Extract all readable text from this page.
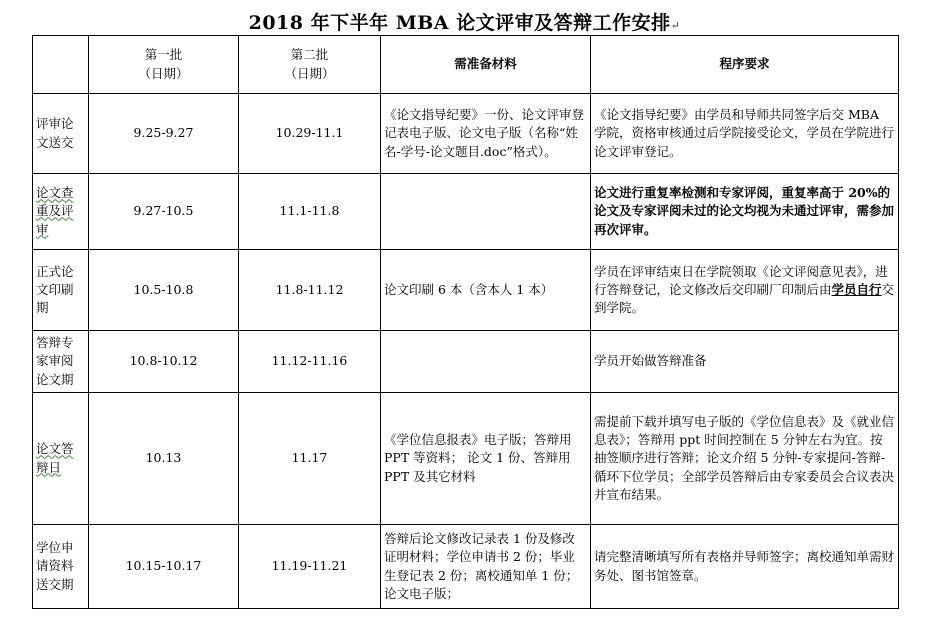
2018 年下半年 MBA 论文评审及答辩工作安排↵
	第一批
（日期）	第二批
（日期）	需准备材料	程序要求
评审论文送交	9.25-9.27	10.29-11.1	《论文指导纪要》一份、论文评审登记表电子版、论文电子版（名称“姓名-学号-论文题目.doc”格式）。	《论文指导纪要》由学员和导师共同签字后交 MBA 学院，资格审核通过后学院接受论文，学员在学院进行论文评审登记。
论文查重及评审	9.27-10.5	11.1-11.8		论文进行重复率检测和专家评阅，重复率高于 20%的论文及专家评阅未过的论文均视为未通过评审，需参加再次评审。
正式论文印刷期	10.5-10.8	11.8-11.12	论文印刷 6 本（含本人 1 本）	学员在评审结束日在学院领取《论文评阅意见表》，进行答辩登记，论文修改后交印刷厂印制后由学员自行交到学院。
答辩专家审阅论文期	10.8-10.12	11.12-11.16		学员开始做答辩准备
论文答辩日	10.13	11.17	《学位信息报表》电子版；答辩用 PPT 等资料； 论文 1 份、答辩用 PPT 及其它材料	需提前下载并填写电子版的《学位信息表》及《就业信息表》；答辩用 ppt 时间控制在 5 分钟左右为宜。按抽签顺序进行答辩；论文介绍 5 分钟-专家提问-答辩-循环下位学员；全部学员答辩后由专家委员会合议表决并宣布结果。
学位申请资料送交期	10.15-10.17	11.19-11.21	答辩后论文修改记录表 1 份及修改证明材料；学位申请书 2 份；毕业生登记表 2 份；离校通知单 1 份；论文电子版；	请完整清晰填写所有表格并导师签字；离校通知单需财务处、图书馆签章。
